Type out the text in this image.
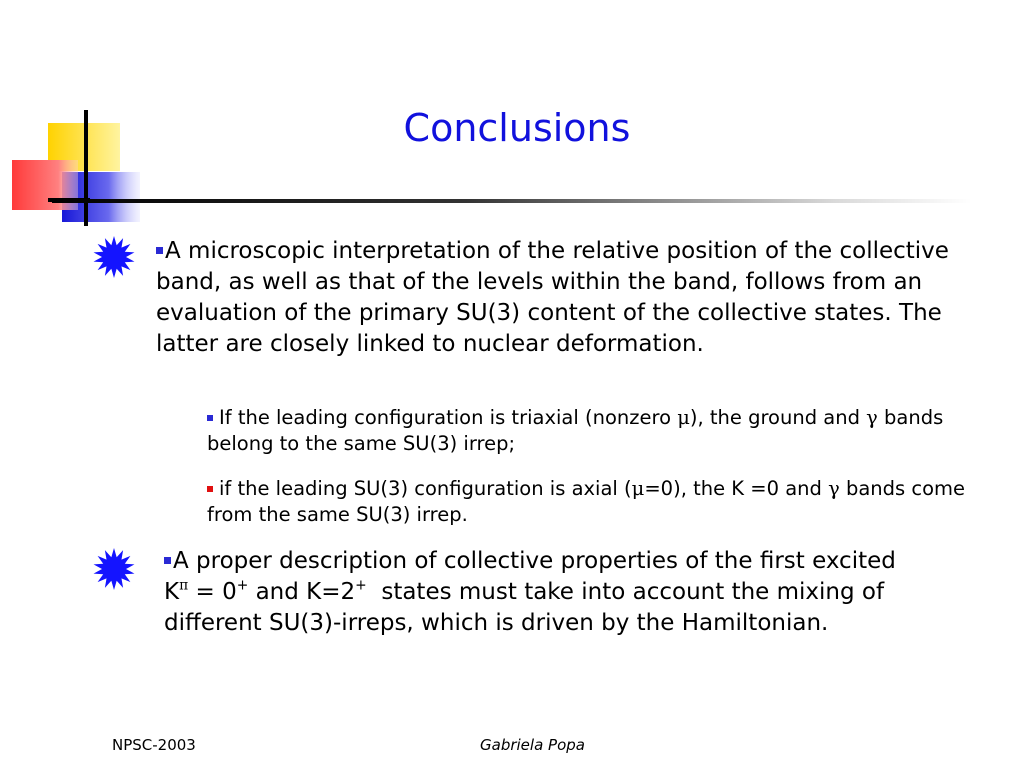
Conclusions
A microscopic interpretation of the relative position of the collective band, as well as that of the levels within the band, follows from an evaluation of the primary SU(3) content of the collective states. The latter are closely linked to nuclear deformation.
If the leading configuration is triaxial (nonzero μ), the ground and γ bands belong to the same SU(3) irrep;
if the leading SU(3) configuration is axial (μ=0), the K =0 and γ bands come from the same SU(3) irrep.
A proper description of collective properties of the first excited $K^\pi = 0^+$ and K=2+  states must take into account the mixing of different SU(3)-irreps, which is driven by the Hamiltonian.
NPSC-2003	Gabriela Popa
